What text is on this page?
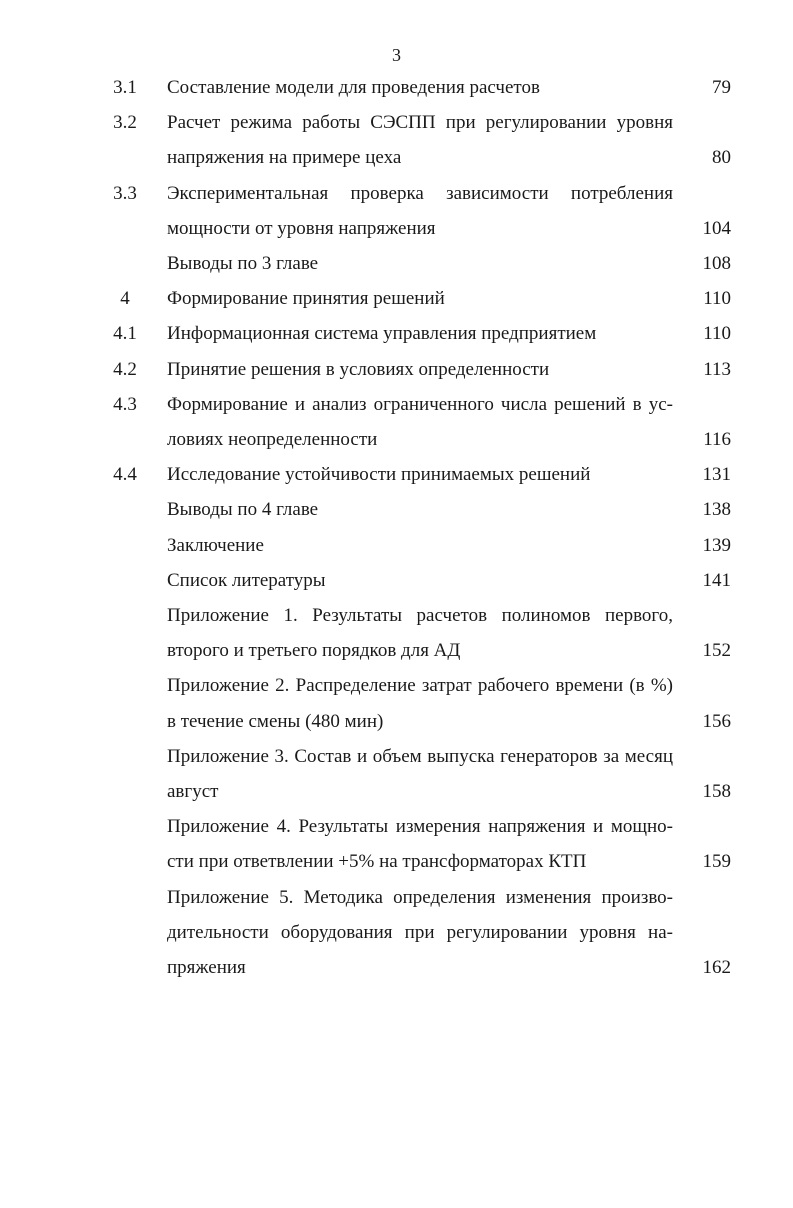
3
3.1 Составление модели для проведения расчетов	79
3.2 Расчет режима работы СЭСПП при регулировании уровня напряжения на примере цеха	80
3.3 Экспериментальная проверка зависимости потребления мощности от уровня напряжения	104
Выводы по 3 главе	108
4	Формирование принятия решений	110
4.1 Информационная система управления предприятием	110
4.2 Принятие решения в условиях определенности	113
4.3 Формирование и анализ ограниченного числа решений в условиях неопределенности	116
4.4 Исследование устойчивости принимаемых решений	131
Выводы по 4 главе	138
Заключение	139
Список литературы	141
Приложение 1. Результаты расчетов полиномов первого, второго и третьего порядков для АД	152
Приложение 2. Распределение затрат рабочего времени (в %) в течение смены (480 мин)	156
Приложение 3. Состав и объем выпуска генераторов за месяц август	158
Приложение 4. Результаты измерения напряжения и мощности при ответвлении +5% на трансформаторах КТП	159
Приложение 5. Методика определения изменения производительности оборудования при регулировании уровня напряжения	162
